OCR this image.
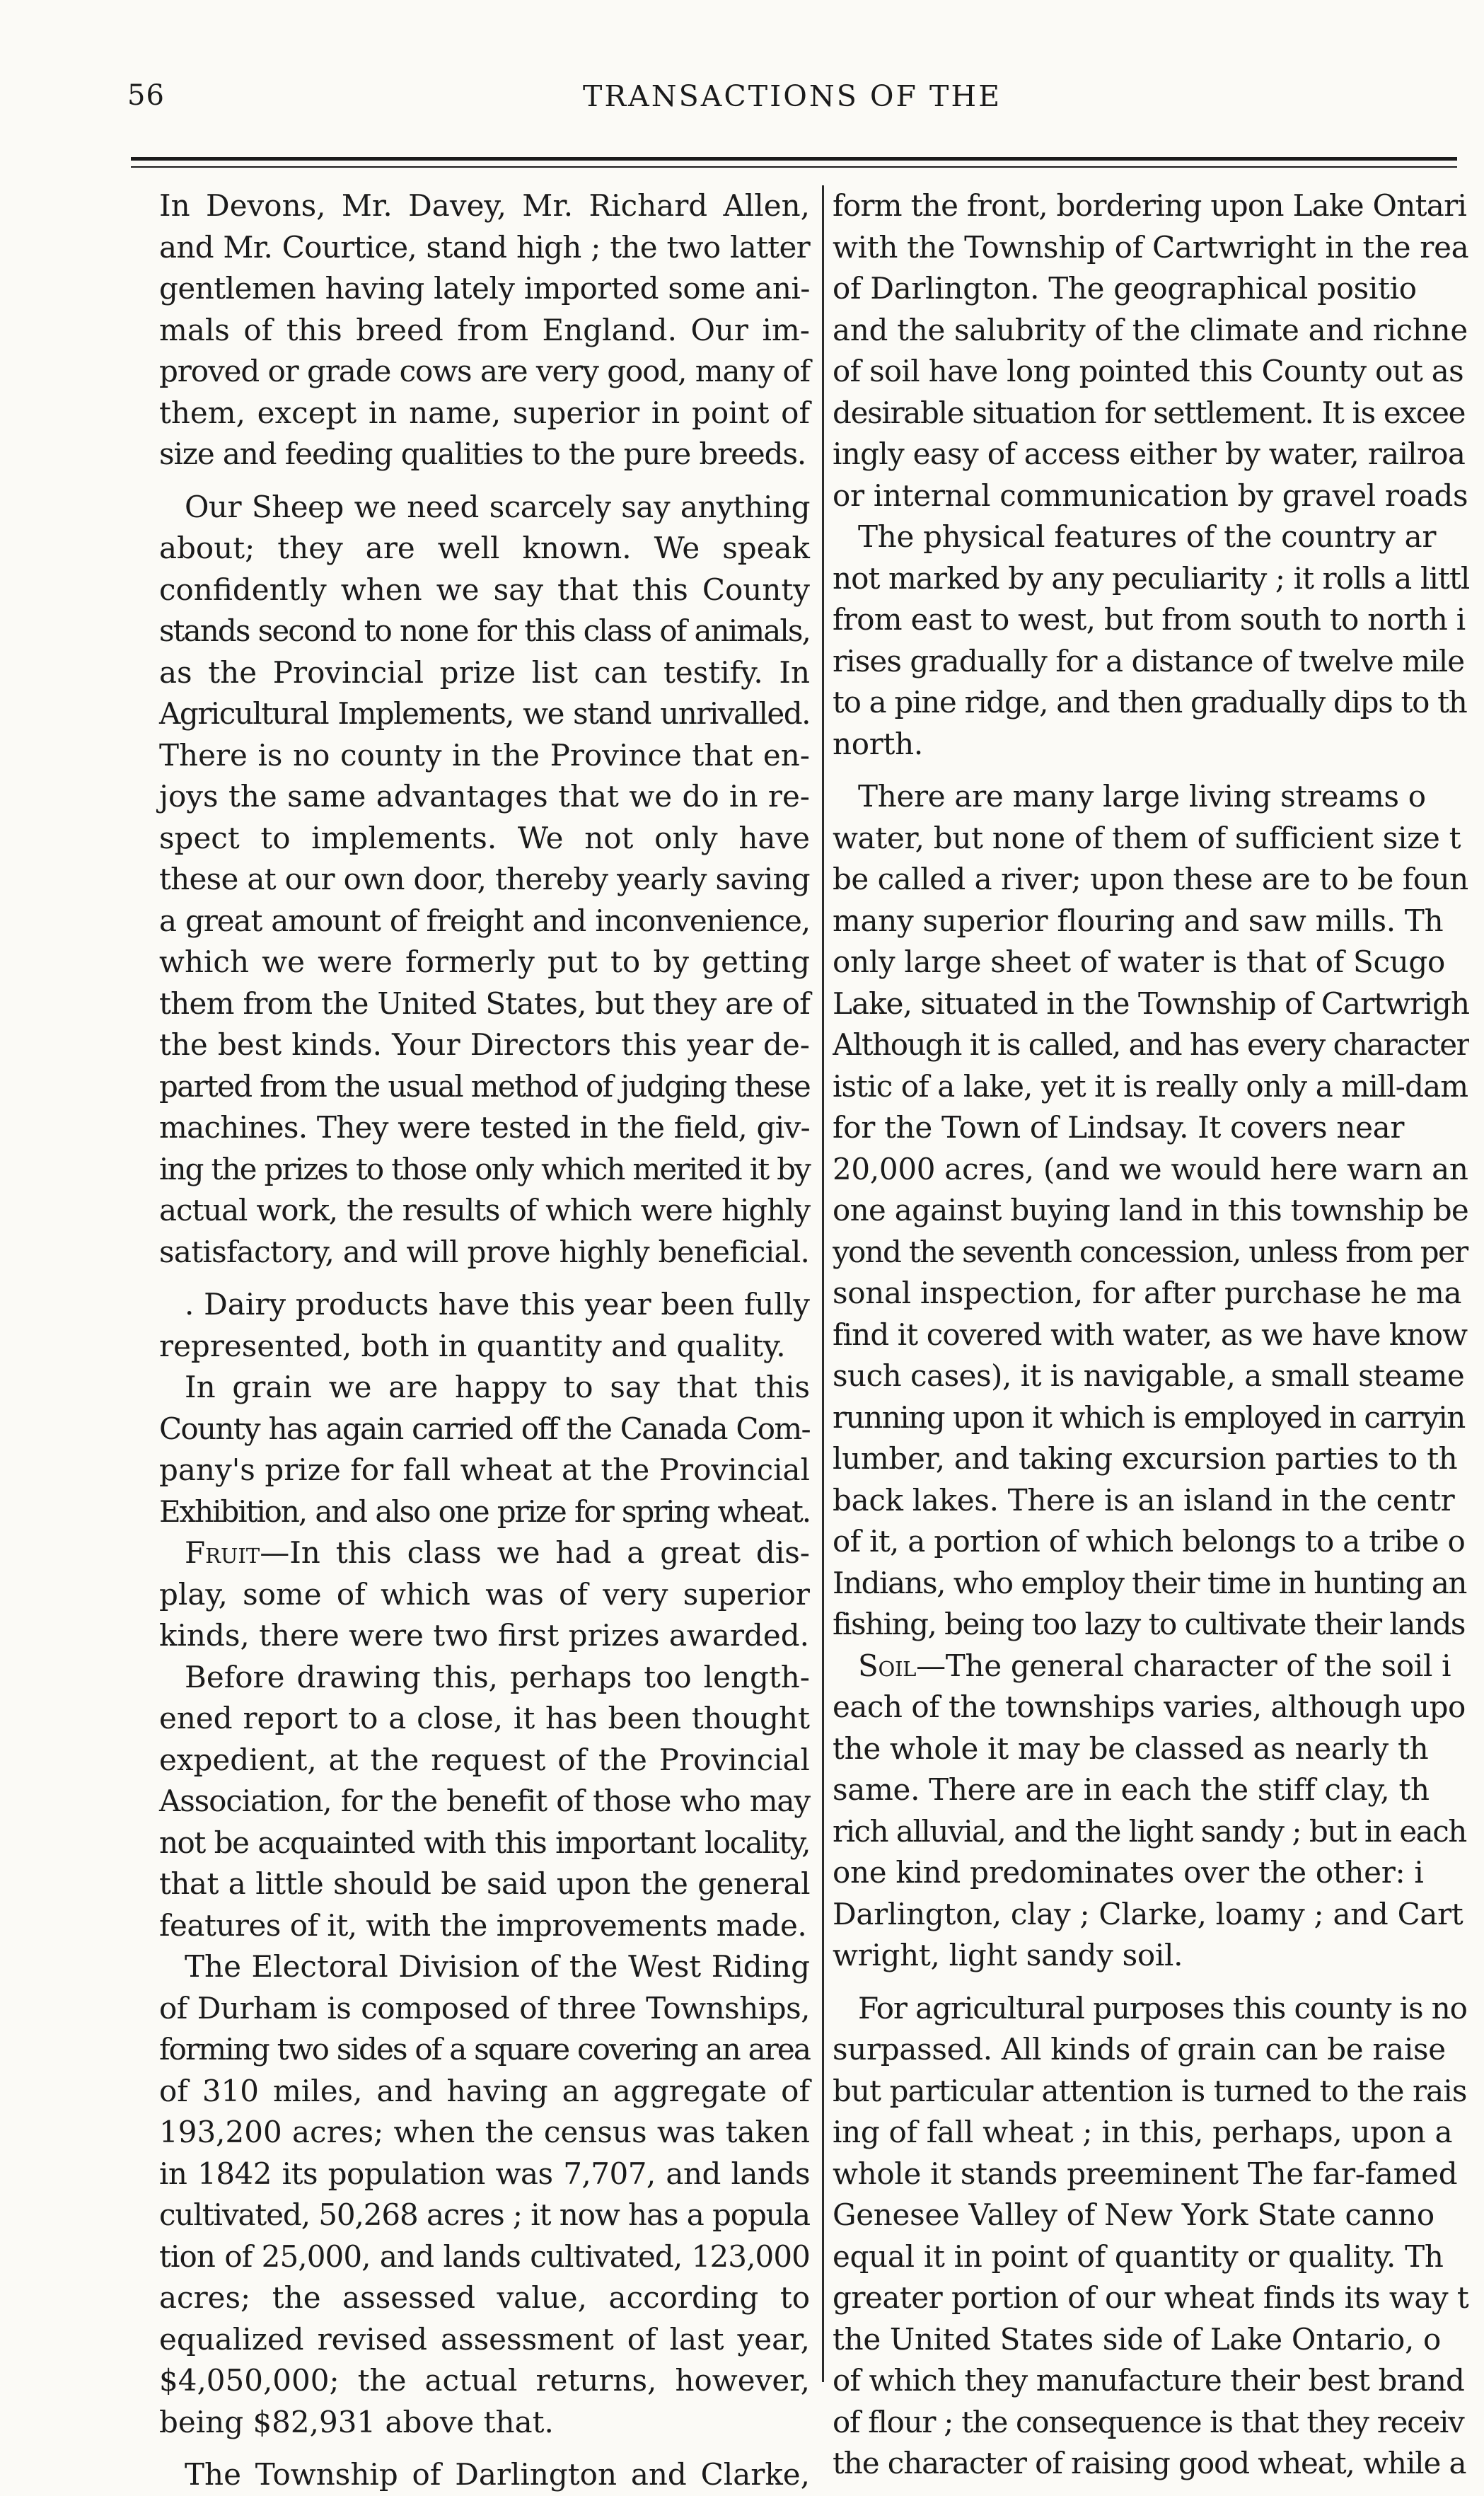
56	TRANSACTIONS OF THE
In Devons, Mr. Davey, Mr. Richard Allen,
and Mr. Courtice, stand high ; the two latter
gentlemen having lately imported some ani-
mals of this breed from England. Our im-
proved or grade cows are very good, many of
them, except in name, superior in point of
size and feeding qualities to the pure breeds.
Our Sheep we need scarcely say anything
about; they are well known. We speak
confidently when we say that this County
stands second to none for this class of animals,
as the Provincial prize list can testify. In
Agricultural Implements, we stand unrivalled.
There is no county in the Province that en-
joys the same advantages that we do in re-
spect to implements. We not only have
these at our own door, thereby yearly saving
a great amount of freight and inconvenience,
which we were formerly put to by getting
them from the United States, but they are of
the best kinds. Your Directors this year de-
parted from the usual method of judging these
machines. They were tested in the field, giv-
ing the prizes to those only which merited it by
actual work, the results of which were highly
satisfactory, and will prove highly beneficial.
. Dairy products have this year been fully
represented, both in quantity and quality.
In grain we are happy to say that this
County has again carried off the Canada Com-
pany's prize for fall wheat at the Provincial
Exhibition, and also one prize for spring wheat.
Fruit—In this class we had a great dis-
play, some of which was of very superior
kinds, there were two first prizes awarded.
Before drawing this, perhaps too length-
ened report to a close, it has been thought
expedient, at the request of the Provincial
Association, for the benefit of those who may
not be acquainted with this important locality,
that a little should be said upon the general
features of it, with the improvements made.
The Electoral Division of the West Riding
of Durham is composed of three Townships,
forming two sides of a square covering an area
of 310 miles, and having an aggregate of
193,200 acres; when the census was taken
in 1842 its population was 7,707, and lands
cultivated, 50,268 acres ; it now has a popula
tion of 25,000, and lands cultivated, 123,000
acres; the assessed value, according to
equalized revised assessment of last year,
$4,050,000; the actual returns, however,
being $82,931 above that.
The Township of Darlington and Clarke,
form the front, bordering upon Lake Ontari
with the Township of Cartwright in the rea
of Darlington. The geographical positio
and the salubrity of the climate and richne
of soil have long pointed this County out as
desirable situation for settlement. It is excee
ingly easy of access either by water, railroa
or internal communication by gravel roads
The physical features of the country ar
not marked by any peculiarity ; it rolls a littl
from east to west, but from south to north i
rises gradually for a distance of twelve mile
to a pine ridge, and then gradually dips to th
north.
There are many large living streams o
water, but none of them of sufficient size t
be called a river; upon these are to be foun
many superior flouring and saw mills. Th
only large sheet of water is that of Scugo
Lake, situated in the Township of Cartwrigh
Although it is called, and has every character
istic of a lake, yet it is really only a mill-dam
for the Town of Lindsay. It covers near
20,000 acres, (and we would here warn an
one against buying land in this township be
yond the seventh concession, unless from per
sonal inspection, for after purchase he ma
find it covered with water, as we have know
such cases), it is navigable, a small steame
running upon it which is employed in carryin
lumber, and taking excursion parties to th
back lakes. There is an island in the centr
of it, a portion of which belongs to a tribe o
Indians, who employ their time in hunting an
fishing, being too lazy to cultivate their lands
Soil—The general character of the soil i
each of the townships varies, although upo
the whole it may be classed as nearly th
same. There are in each the stiff clay, th
rich alluvial, and the light sandy ; but in each
one kind predominates over the other: i
Darlington, clay ; Clarke, loamy ; and Cart
wright, light sandy soil.
For agricultural purposes this county is no
surpassed. All kinds of grain can be raise
but particular attention is turned to the rais
ing of fall wheat ; in this, perhaps, upon a
whole it stands preeminent The far-famed
Genesee Valley of New York State canno
equal it in point of quantity or quality. Th
greater portion of our wheat finds its way t
the United States side of Lake Ontario, o
of which they manufacture their best brand
of flour ; the consequence is that they receiv
the character of raising good wheat, while a
